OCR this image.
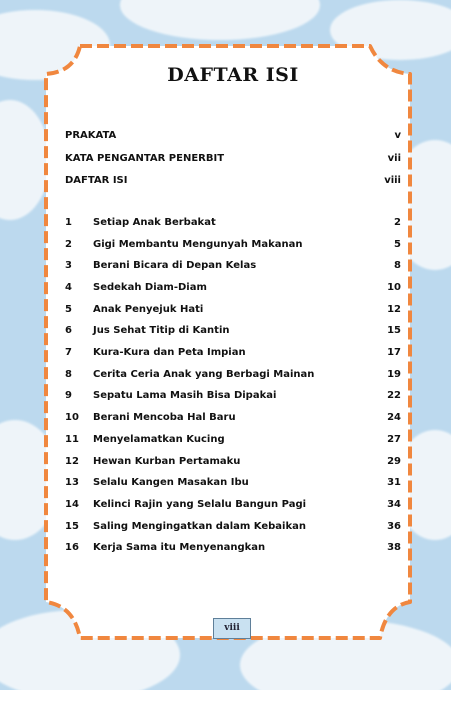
DAFTAR ISI
PRAKATA	v
KATA PENGANTAR PENERBIT	vii
DAFTAR ISI	viii
1	Setiap Anak Berbakat	2
2	Gigi Membantu Mengunyah Makanan	5
3	Berani Bicara di Depan Kelas	8
4	Sedekah Diam-Diam	10
5	Anak Penyejuk Hati	12
6	Jus Sehat Titip di Kantin	15
7	Kura-Kura dan Peta Impian	17
8	Cerita Ceria Anak yang Berbagi Mainan	19
9	Sepatu Lama Masih Bisa Dipakai	22
10	Berani Mencoba Hal Baru	24
11	Menyelamatkan Kucing	27
12	Hewan Kurban Pertamaku	29
13	Selalu Kangen Masakan Ibu	31
14	Kelinci Rajin yang Selalu Bangun Pagi	34
15	Saling Mengingatkan dalam Kebaikan	36
16	Kerja Sama itu Menyenangkan	38
viii
